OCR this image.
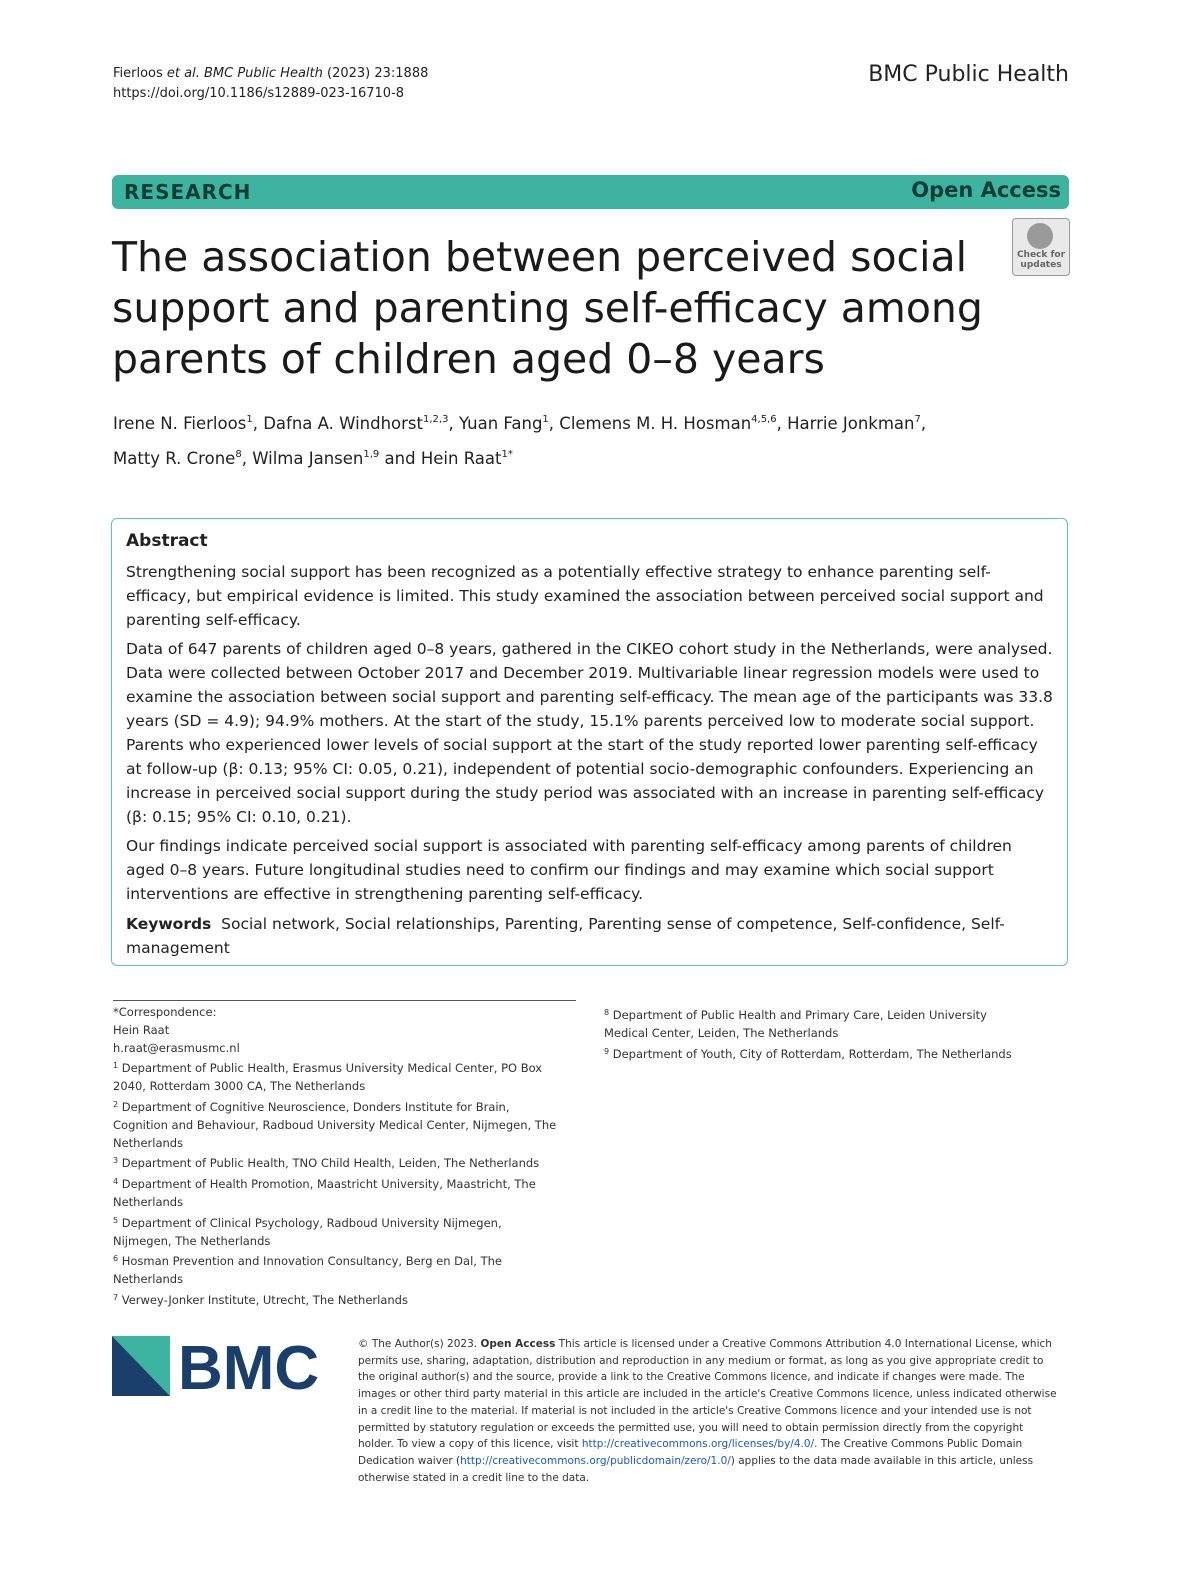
Fierloos et al. BMC Public Health (2023) 23:1888
https://doi.org/10.1186/s12889-023-16710-8
BMC Public Health
RESEARCH	Open Access
Check for
updates
The association between perceived social support and parenting self-efficacy among parents of children aged 0–8 years
Irene N. Fierloos$^1$, Dafna A. Windhorst$^{1,2,3}$, Yuan Fang$^1$, Clemens M. H. Hosman$^{4,5,6}$, Harrie Jonkman$^7$,
Matty R. Crone$^8$, Wilma Jansen$^{1,9}$ and Hein Raat$^{1*}$
Abstract
Strengthening social support has been recognized as a potentially effective strategy to enhance parenting self-efficacy, but empirical evidence is limited. This study examined the association between perceived social support and parenting self-efficacy.
Data of 647 parents of children aged 0–8 years, gathered in the CIKEO cohort study in the Netherlands, were analysed. Data were collected between October 2017 and December 2019. Multivariable linear regression models were used to examine the association between social support and parenting self-efficacy. The mean age of the participants was 33.8 years (SD = 4.9); 94.9% mothers. At the start of the study, 15.1% parents perceived low to moderate social support. Parents who experienced lower levels of social support at the start of the study reported lower parenting self-efficacy at follow-up (β: 0.13; 95% CI: 0.05, 0.21), independent of potential socio-demographic confounders. Experiencing an increase in perceived social support during the study period was associated with an increase in parenting self-efficacy (β: 0.15; 95% CI: 0.10, 0.21).
Our findings indicate perceived social support is associated with parenting self-efficacy among parents of children aged 0–8 years. Future longitudinal studies need to confirm our findings and may examine which social support interventions are effective in strengthening parenting self-efficacy.
Keywords Social network, Social relationships, Parenting, Parenting sense of competence, Self-confidence, Self-management
*Correspondence:
Hein Raat
h.raat@erasmusmc.nl
$^1$ Department of Public Health, Erasmus University Medical Center, PO Box 2040, Rotterdam 3000 CA, The Netherlands
$^2$ Department of Cognitive Neuroscience, Donders Institute for Brain, Cognition and Behaviour, Radboud University Medical Center, Nijmegen, The Netherlands
$^3$ Department of Public Health, TNO Child Health, Leiden, The Netherlands
$^4$ Department of Health Promotion, Maastricht University, Maastricht, The Netherlands
$^5$ Department of Clinical Psychology, Radboud University Nijmegen, Nijmegen, The Netherlands
$^6$ Hosman Prevention and Innovation Consultancy, Berg en Dal, The Netherlands
$^7$ Verwey-Jonker Institute, Utrecht, The Netherlands
$^8$ Department of Public Health and Primary Care, Leiden University Medical Center, Leiden, The Netherlands
$^9$ Department of Youth, City of Rotterdam, Rotterdam, The Netherlands
BMC	© The Author(s) 2023. Open Access This article is licensed under a Creative Commons Attribution 4.0 International License, which permits use, sharing, adaptation, distribution and reproduction in any medium or format, as long as you give appropriate credit to the original author(s) and the source, provide a link to the Creative Commons licence, and indicate if changes were made. The images or other third party material in this article are included in the article's Creative Commons licence, unless indicated otherwise in a credit line to the material. If material is not included in the article's Creative Commons licence and your intended use is not permitted by statutory regulation or exceeds the permitted use, you will need to obtain permission directly from the copyright holder. To view a copy of this licence, visit http://creativecommons.org/licenses/by/4.0/. The Creative Commons Public Domain Dedication waiver (http://creativecommons.org/publicdomain/zero/1.0/) applies to the data made available in this article, unless otherwise stated in a credit line to the data.
